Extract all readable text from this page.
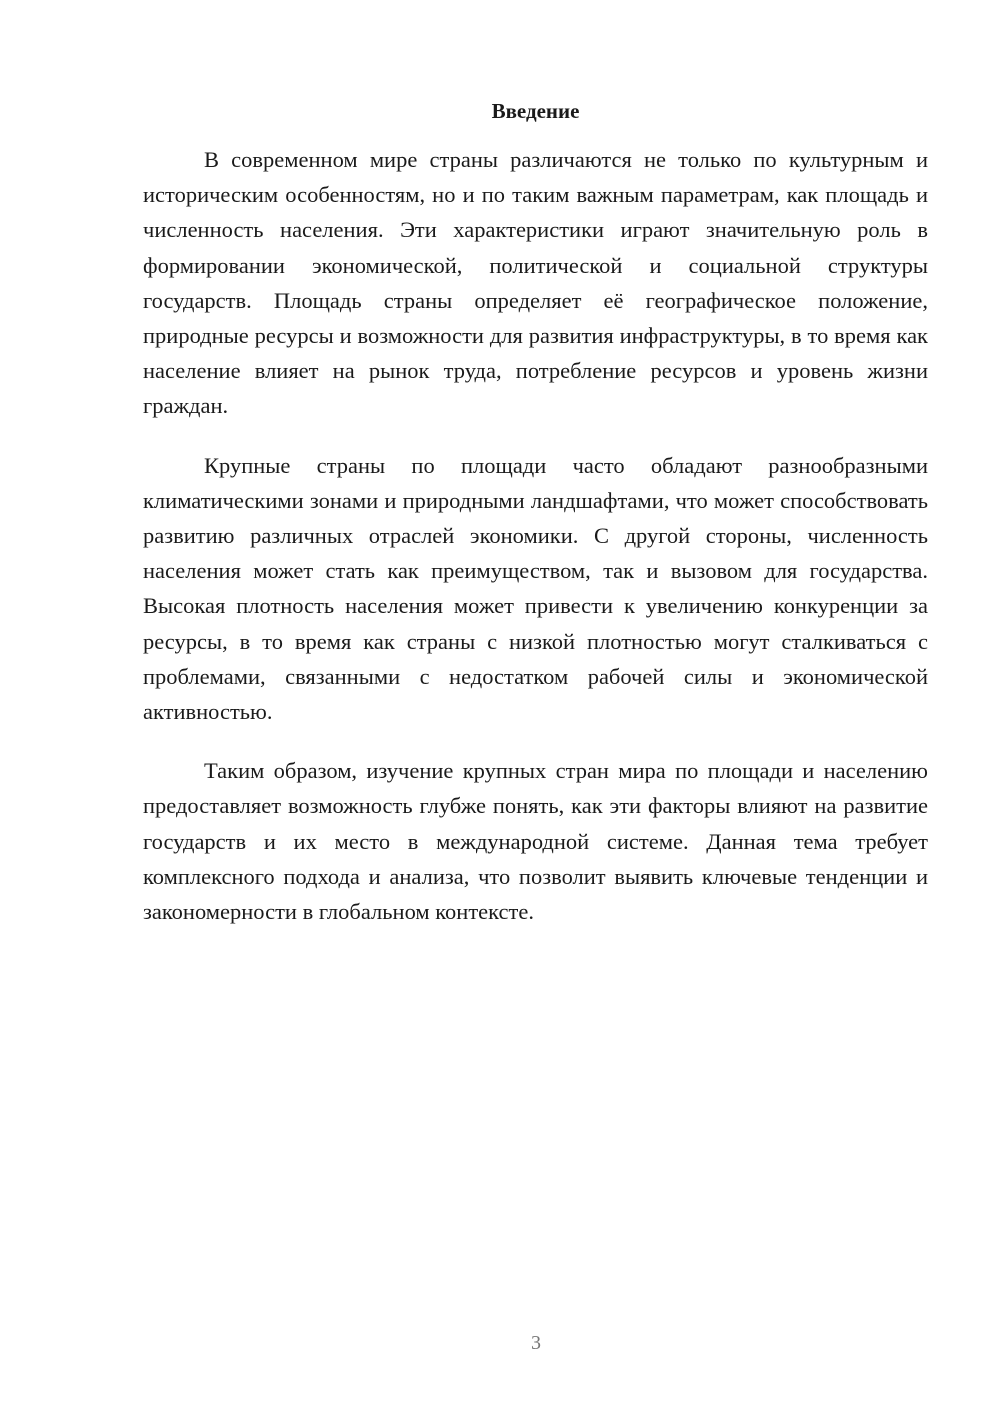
Введение

В современном мире страны различаются не только по культурным и историческим особенностям, но и по таким важным параметрам, как площадь и численность населения. Эти характеристики играют значительную роль в формировании экономической, политической и социальной структуры государств. Площадь страны определяет её географическое положение, природные ресурсы и возможности для развития инфраструктуры, в то время как население влияет на рынок труда, потребление ресурсов и уровень жизни граждан.

Крупные страны по площади часто обладают разнообразными климатическими зонами и природными ландшафтами, что может способствовать развитию различных отраслей экономики. С другой стороны, численность населения может стать как преимуществом, так и вызовом для государства. Высокая плотность населения может привести к увеличению конкуренции за ресурсы, в то время как страны с низкой плотностью могут сталкиваться с проблемами, связанными с недостатком рабочей силы и экономической активностью.

Таким образом, изучение крупных стран мира по площади и населению предоставляет возможность глубже понять, как эти факторы влияют на развитие государств и их место в международной системе. Данная тема требует комплексного подхода и анализа, что позволит выявить ключевые тенденции и закономерности в глобальном контексте.

3
